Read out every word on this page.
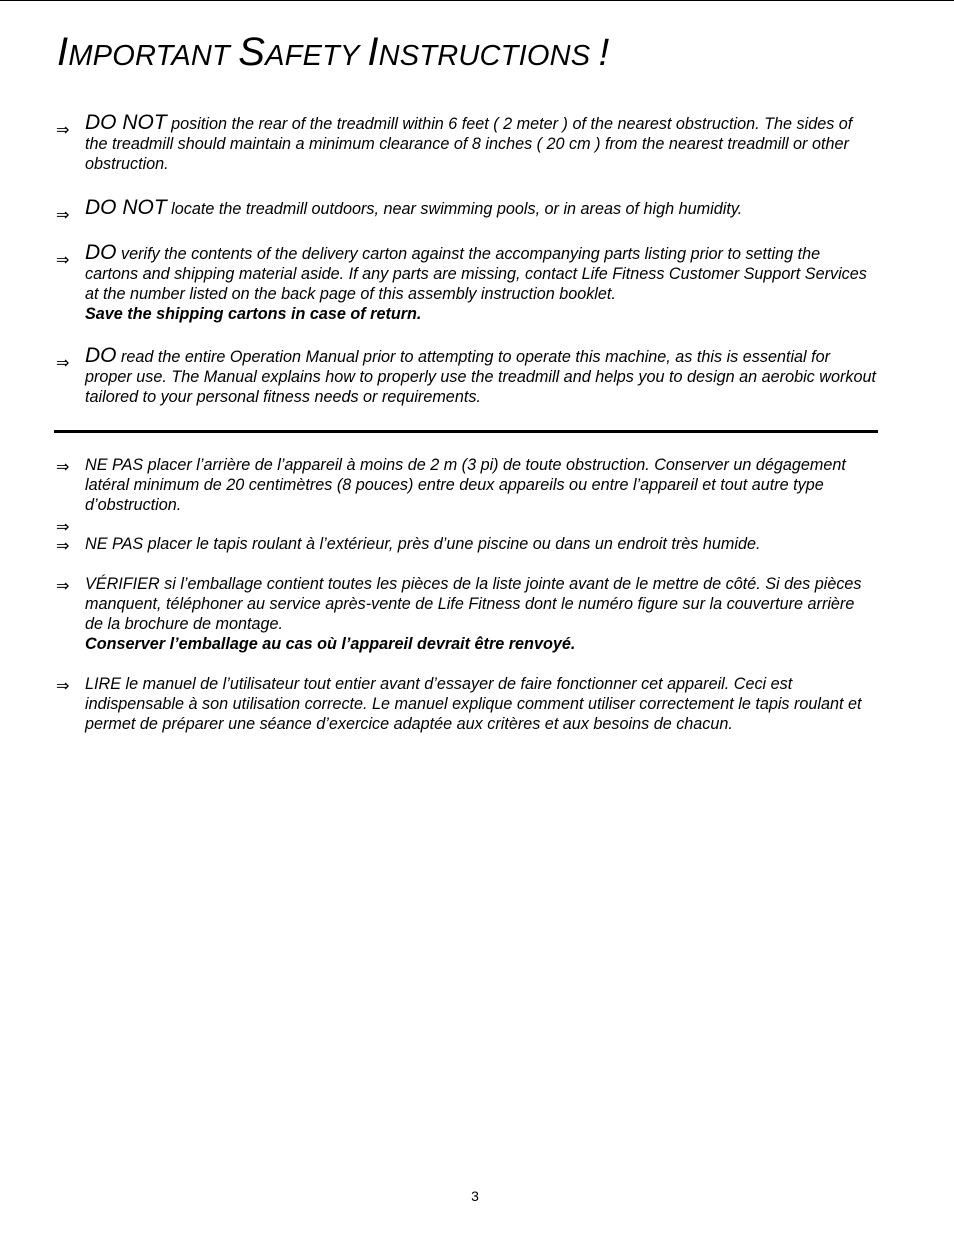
IMPORTANT SAFETY INSTRUCTIONS !
⇒ DO NOT position the rear of the treadmill within 6 feet ( 2 meter ) of the nearest obstruction. The sides of the treadmill should maintain a minimum clearance of 8 inches ( 20 cm ) from the nearest treadmill or other obstruction.
⇒ DO NOT locate the treadmill outdoors, near swimming pools, or in areas of high humidity.
⇒ DO verify the contents of the delivery carton against the accompanying parts listing prior to setting the cartons and shipping material aside. If any parts are missing, contact Life Fitness Customer Support Services at the number listed on the back page of this assembly instruction booklet.
Save the shipping cartons in case of return.
⇒ DO read the entire Operation Manual prior to attempting to operate this machine, as this is essential for proper use. The Manual explains how to properly use the treadmill and helps you to design an aerobic workout tailored to your personal fitness needs or requirements.
⇒ NE PAS placer l’arrière de l’appareil à moins de 2 m (3 pi) de toute obstruction. Conserver un dégagement latéral minimum de 20 centimètres (8 pouces) entre deux appareils ou entre l’appareil et tout autre type d’obstruction.
⇒
⇒ NE PAS placer le tapis roulant à l’extérieur, près d’une piscine ou dans un endroit très humide.
⇒ VÉRIFIER si l’emballage contient toutes les pièces de la liste jointe avant de le mettre de côté. Si des pièces manquent, téléphoner au service après-vente de Life Fitness dont le numéro figure sur la couverture arrière de la brochure de montage.
Conserver l’emballage au cas où l’appareil devrait être renvoyé.
⇒ LIRE le manuel de l’utilisateur tout entier avant d’essayer de faire fonctionner cet appareil. Ceci est indispensable à son utilisation correcte. Le manuel explique comment utiliser correctement le tapis roulant et permet de préparer une séance d’exercice adaptée aux critères et aux besoins de chacun.
3
